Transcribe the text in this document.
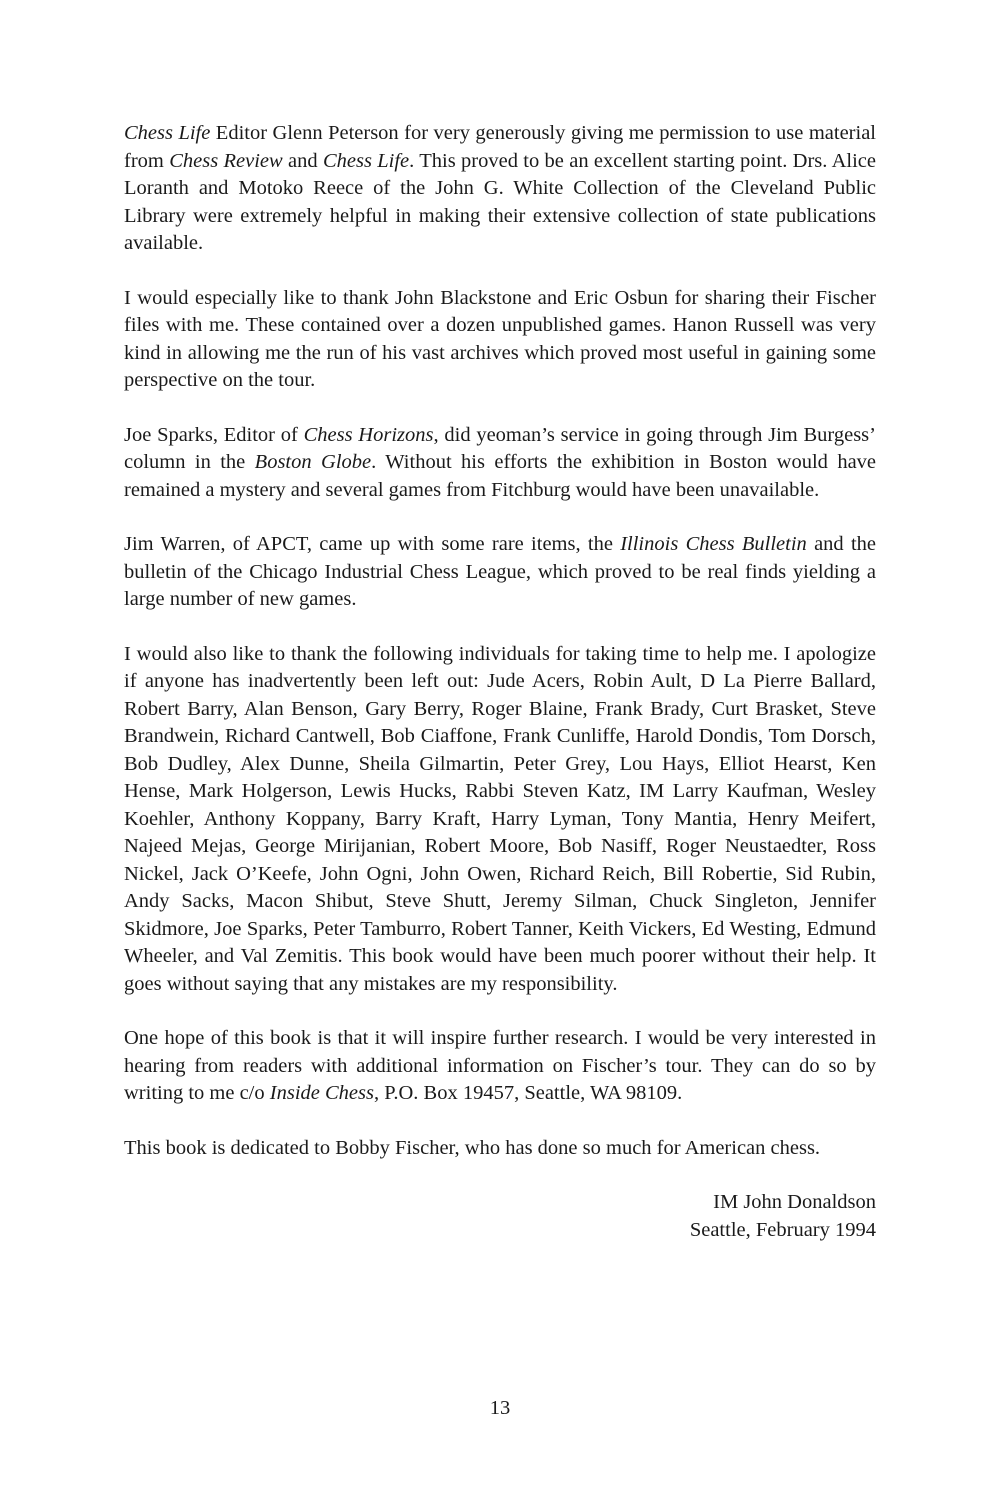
Chess Life Editor Glenn Peterson for very generously giving me permission to use material from Chess Review and Chess Life. This proved to be an excellent starting point. Drs. Alice Loranth and Motoko Reece of the John G. White Collection of the Cleveland Public Library were extremely helpful in making their extensive collection of state publications available.

I would especially like to thank John Blackstone and Eric Osbun for sharing their Fischer files with me. These contained over a dozen unpublished games. Hanon Russell was very kind in allowing me the run of his vast archives which proved most useful in gaining some perspective on the tour.

Joe Sparks, Editor of Chess Horizons, did yeoman’s service in going through Jim Burgess’ column in the Boston Globe. Without his efforts the exhibition in Boston would have remained a mystery and several games from Fitchburg would have been unavailable.

Jim Warren, of APCT, came up with some rare items, the Illinois Chess Bulletin and the bulletin of the Chicago Industrial Chess League, which proved to be real finds yielding a large number of new games.

I would also like to thank the following individuals for taking time to help me. I apologize if anyone has inadvertently been left out: Jude Acers, Robin Ault, D La Pierre Ballard, Robert Barry, Alan Benson, Gary Berry, Roger Blaine, Frank Brady, Curt Brasket, Steve Brandwein, Richard Cantwell, Bob Ciaffone, Frank Cunliffe, Harold Dondis, Tom Dorsch, Bob Dudley, Alex Dunne, Sheila Gilmartin, Peter Grey, Lou Hays, Elliot Hearst, Ken Hense, Mark Holgerson, Lewis Hucks, Rabbi Steven Katz, IM Larry Kaufman, Wesley Koehler, Anthony Koppany, Barry Kraft, Harry Lyman, Tony Mantia, Henry Meifert, Najeed Mejas, George Mirijanian, Robert Moore, Bob Nasiff, Roger Neustaedter, Ross Nickel, Jack O’Keefe, John Ogni, John Owen, Richard Reich, Bill Robertie, Sid Rubin, Andy Sacks, Macon Shibut, Steve Shutt, Jeremy Silman, Chuck Singleton, Jennifer Skidmore, Joe Sparks, Peter Tamburro, Robert Tanner, Keith Vickers, Ed Westing, Edmund Wheeler, and Val Zemitis. This book would have been much poorer without their help. It goes without saying that any mistakes are my responsibility.

One hope of this book is that it will inspire further research. I would be very interested in hearing from readers with additional information on Fischer’s tour. They can do so by writing to me c/o Inside Chess, P.O. Box 19457, Seattle, WA 98109.

This book is dedicated to Bobby Fischer, who has done so much for American chess.

IM John Donaldson
Seattle, February 1994
13
